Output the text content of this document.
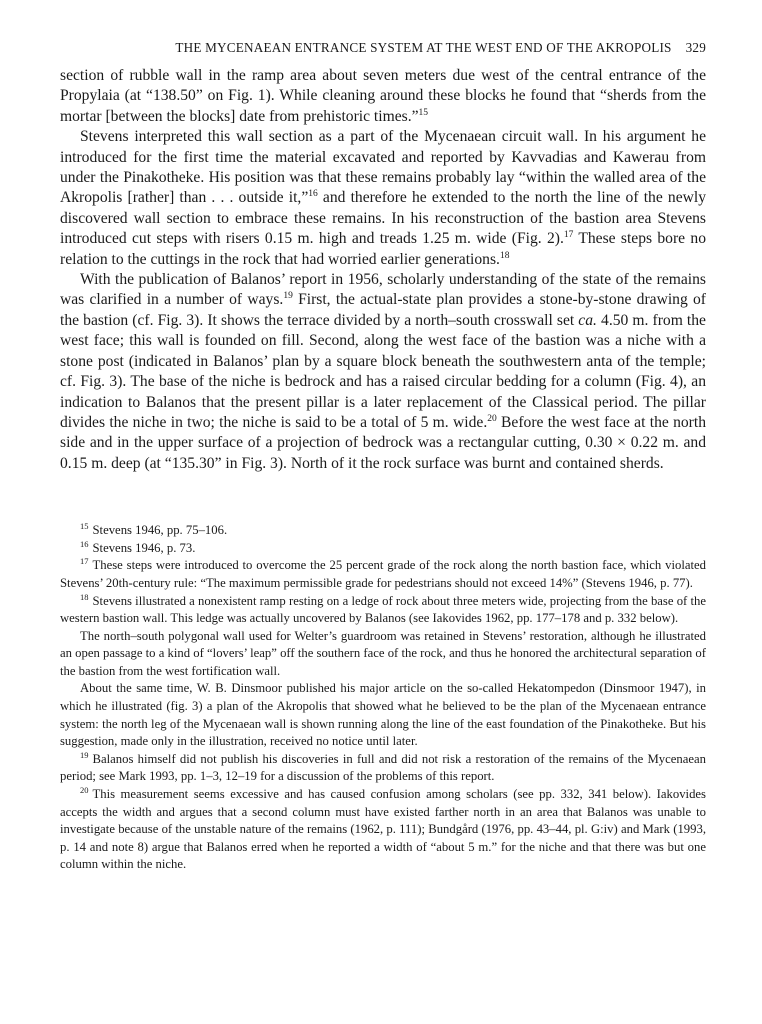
THE MYCENAEAN ENTRANCE SYSTEM AT THE WEST END OF THE AKROPOLIS 329

section of rubble wall in the ramp area about seven meters due west of the central entrance of the Propylaia (at “138.50” on Fig. 1). While cleaning around these blocks he found that “sherds from the mortar [between the blocks] date from prehistoric times.”$^{15}$

Stevens interpreted this wall section as a part of the Mycenaean circuit wall. In his argument he introduced for the first time the material excavated and reported by Kavvadias and Kawerau from under the Pinakotheke. His position was that these remains probably lay “within the walled area of the Akropolis [rather] than . . . outside it,”$^{16}$ and therefore he extended to the north the line of the newly discovered wall section to embrace these remains. In his reconstruction of the bastion area Stevens introduced cut steps with risers 0.15 m. high and treads 1.25 m. wide (Fig. 2).$^{17}$ These steps bore no relation to the cuttings in the rock that had worried earlier generations.$^{18}$

With the publication of Balanos’ report in 1956, scholarly understanding of the state of the remains was clarified in a number of ways.$^{19}$ First, the actual-state plan provides a stone-by-stone drawing of the bastion (cf. Fig. 3). It shows the terrace divided by a north–south crosswall set ca. 4.50 m. from the west face; this wall is founded on fill. Second, along the west face of the bastion was a niche with a stone post (indicated in Balanos’ plan by a square block beneath the southwestern anta of the temple; cf. Fig. 3). The base of the niche is bedrock and has a raised circular bedding for a column (Fig. 4), an indication to Balanos that the present pillar is a later replacement of the Classical period. The pillar divides the niche in two; the niche is said to be a total of 5 m. wide.$^{20}$ Before the west face at the north side and in the upper surface of a projection of bedrock was a rectangular cutting, 0.30 × 0.22 m. and 0.15 m. deep (at “135.30” in Fig. 3). North of it the rock surface was burnt and contained sherds.

$^{15}$ Stevens 1946, pp. 75–106.

$^{16}$ Stevens 1946, p. 73.

$^{17}$ These steps were introduced to overcome the 25 percent grade of the rock along the north bastion face, which violated Stevens’ 20th-century rule: “The maximum permissible grade for pedestrians should not exceed 14%” (Stevens 1946, p. 77).

$^{18}$ Stevens illustrated a nonexistent ramp resting on a ledge of rock about three meters wide, projecting from the base of the western bastion wall. This ledge was actually uncovered by Balanos (see Iakovides 1962, pp. 177–178 and p. 332 below).

The north–south polygonal wall used for Welter’s guardroom was retained in Stevens’ restoration, although he illustrated an open passage to a kind of “lovers’ leap” off the southern face of the rock, and thus he honored the architectural separation of the bastion from the west fortification wall.

About the same time, W. B. Dinsmoor published his major article on the so-called Hekatompedon (Dinsmoor 1947), in which he illustrated (fig. 3) a plan of the Akropolis that showed what he believed to be the plan of the Mycenaean entrance system: the north leg of the Mycenaean wall is shown running along the line of the east foundation of the Pinakotheke. But his suggestion, made only in the illustration, received no notice until later.

$^{19}$ Balanos himself did not publish his discoveries in full and did not risk a restoration of the remains of the Mycenaean period; see Mark 1993, pp. 1–3, 12–19 for a discussion of the problems of this report.

$^{20}$ This measurement seems excessive and has caused confusion among scholars (see pp. 332, 341 below). Iakovides accepts the width and argues that a second column must have existed farther north in an area that Balanos was unable to investigate because of the unstable nature of the remains (1962, p. 111); Bundgård (1976, pp. 43–44, pl. G:iv) and Mark (1993, p. 14 and note 8) argue that Balanos erred when he reported a width of “about 5 m.” for the niche and that there was but one column within the niche.
